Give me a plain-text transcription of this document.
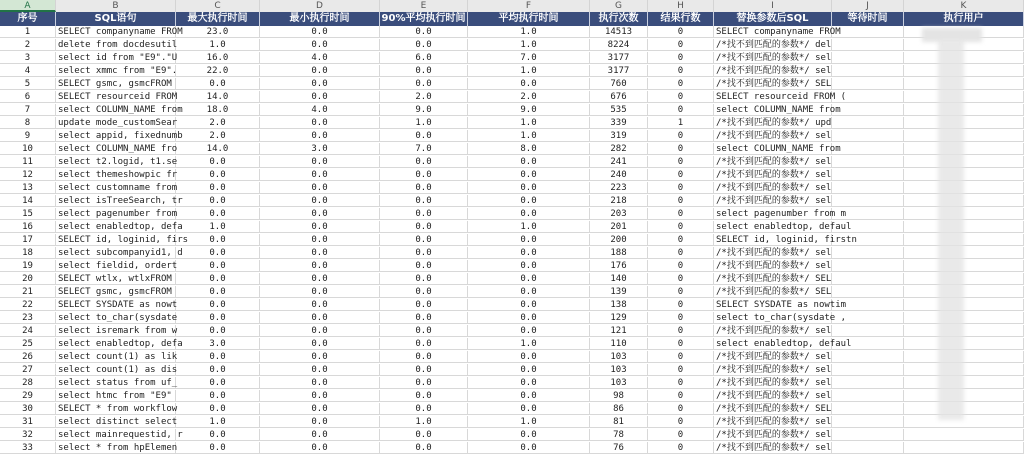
A	B	C	D	E	F	G	H	I	J	K
序号	SQL语句	最大执行时间	最小执行时间	90%平均执行时间	平均执行时间	执行次数	结果行数	替换参数后SQL	等待时间	执行用户
1	SELECT companyname FROM	23.0	0.0	0.0	1.0	14513	0	SELECT companyname FROM
2	delete from docdesutil	1.0	0.0	0.0	1.0	8224	0	/*找不到匹配的参数*/ del
3	select id from "E9"."U	16.0	4.0	6.0	7.0	3177	0	/*找不到匹配的参数*/ sel
4	select xmmc from "E9".	22.0	0.0	0.0	1.0	3177	0	/*找不到匹配的参数*/ sel
5	SELECT gsmc, gsmcFROM	0.0	0.0	0.0	0.0	760	0	/*找不到匹配的参数*/ SEL
6	SELECT resourceid FROM	14.0	0.0	2.0	2.0	676	0	SELECT resourceid FROM (
7	select COLUMN_NAME from	18.0	4.0	9.0	9.0	535	0	select COLUMN_NAME from
8	update mode_customSear	2.0	0.0	1.0	1.0	339	1	/*找不到匹配的参数*/ upd
9	select appid, fixednumb	2.0	0.0	0.0	1.0	319	0	/*找不到匹配的参数*/ sel
10	select COLUMN_NAME fro	14.0	3.0	7.0	8.0	282	0	select COLUMN_NAME from
11	select t2.logid, t1.se	0.0	0.0	0.0	0.0	241	0	/*找不到匹配的参数*/ sel
12	select themeshowpic fr	0.0	0.0	0.0	0.0	240	0	/*找不到匹配的参数*/ sel
13	select customname from	0.0	0.0	0.0	0.0	223	0	/*找不到匹配的参数*/ sel
14	select isTreeSearch, tr	0.0	0.0	0.0	0.0	218	0	/*找不到匹配的参数*/ sel
15	select pagenumber from	0.0	0.0	0.0	0.0	203	0	select pagenumber from m
16	select enabledtop, defa	1.0	0.0	0.0	1.0	201	0	select enabledtop, defaul
17	SELECT id, loginid, firs	0.0	0.0	0.0	0.0	200	0	SELECT id, loginid, firstn
18	select subcompanyid1, d	0.0	0.0	0.0	0.0	188	0	/*找不到匹配的参数*/ sel
19	select fieldid, ordert	0.0	0.0	0.0	0.0	176	0	/*找不到匹配的参数*/ sel
20	SELECT wtlx, wtlxFROM	0.0	0.0	0.0	0.0	140	0	/*找不到匹配的参数*/ SEL
21	SELECT gsmc, gsmcFROM	0.0	0.0	0.0	0.0	139	0	/*找不到匹配的参数*/ SEL
22	SELECT SYSDATE as nowt	0.0	0.0	0.0	0.0	138	0	SELECT SYSDATE as nowtim
23	select to_char(sysdate	0.0	0.0	0.0	0.0	129	0	select to_char(sysdate ,
24	select isremark from w	0.0	0.0	0.0	0.0	121	0	/*找不到匹配的参数*/ sel
25	select enabledtop, defa	3.0	0.0	0.0	1.0	110	0	select enabledtop, defaul
26	select count(1) as lik	0.0	0.0	0.0	0.0	103	0	/*找不到匹配的参数*/ sel
27	select count(1) as dis	0.0	0.0	0.0	0.0	103	0	/*找不到匹配的参数*/ sel
28	select status from uf_	0.0	0.0	0.0	0.0	103	0	/*找不到匹配的参数*/ sel
29	select htmc from "E9"	0.0	0.0	0.0	0.0	98	0	/*找不到匹配的参数*/ sel
30	SELECT * from workflow	0.0	0.0	0.0	0.0	86	0	/*找不到匹配的参数*/ SEL
31	select distinct select	1.0	0.0	1.0	1.0	81	0	/*找不到匹配的参数*/ sel
32	select mainrequestid, r	0.0	0.0	0.0	0.0	78	0	/*找不到匹配的参数*/ sel
33	select * from hpElemen	0.0	0.0	0.0	0.0	76	0	/*找不到匹配的参数*/ sel
